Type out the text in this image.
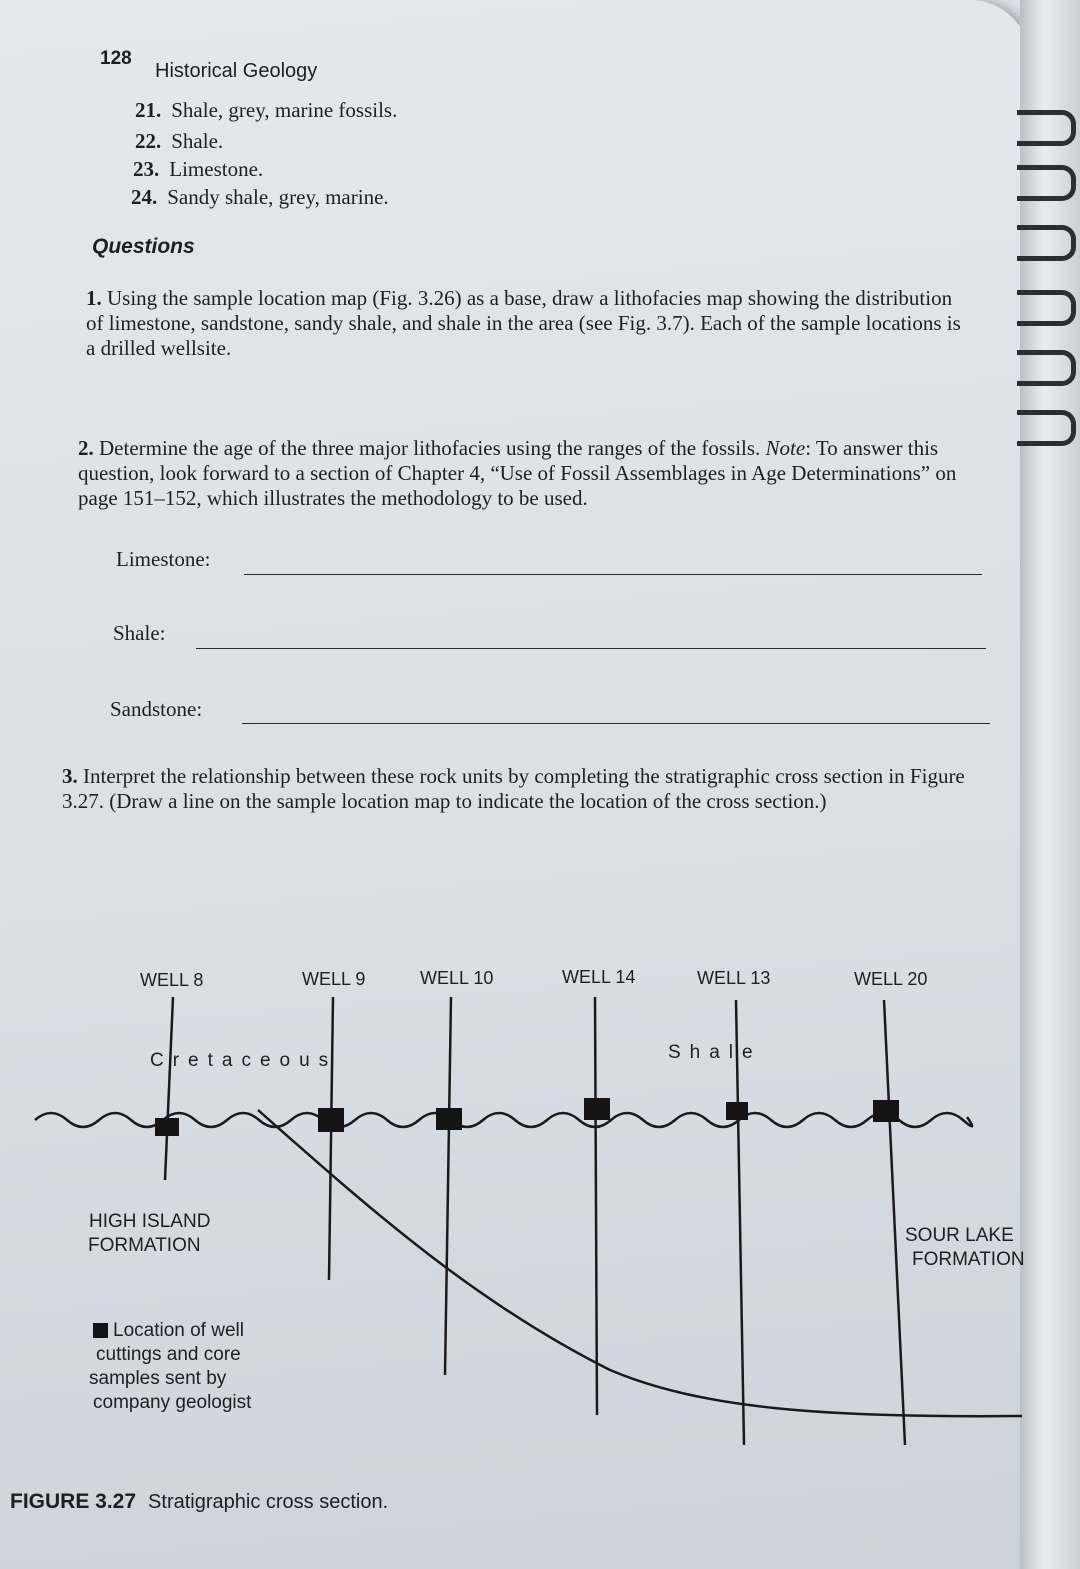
128
Historical Geology
21. Shale, grey, marine fossils.
22. Shale.
23. Limestone.
24. Sandy shale, grey, marine.
Questions
1. Using the sample location map (Fig. 3.26) as a base, draw a lithofacies map showing the distribution of limestone, sandstone, sandy shale, and shale in the area (see Fig. 3.7). Each of the sample locations is a drilled wellsite.
2. Determine the age of the three major lithofacies using the ranges of the fossils. Note: To answer this question, look forward to a section of Chapter 4, “Use of Fossil Assemblages in Age Determinations” on page 151–152, which illustrates the methodology to be used.
Limestone:
Shale:
Sandstone:
3. Interpret the relationship between these rock units by completing the stratigraphic cross section in Figure 3.27. (Draw a line on the sample location map to indicate the location of the cross section.)
WELL 8	WELL 9	WELL 10	WELL 14	WELL 13	WELL 20
Cretaceous	Shale
HIGH ISLAND
FORMATION	SOUR LAKE
FORMATION
Location of well
cuttings and core
samples sent by
company geologist
FIGURE 3.27 Stratigraphic cross section.
